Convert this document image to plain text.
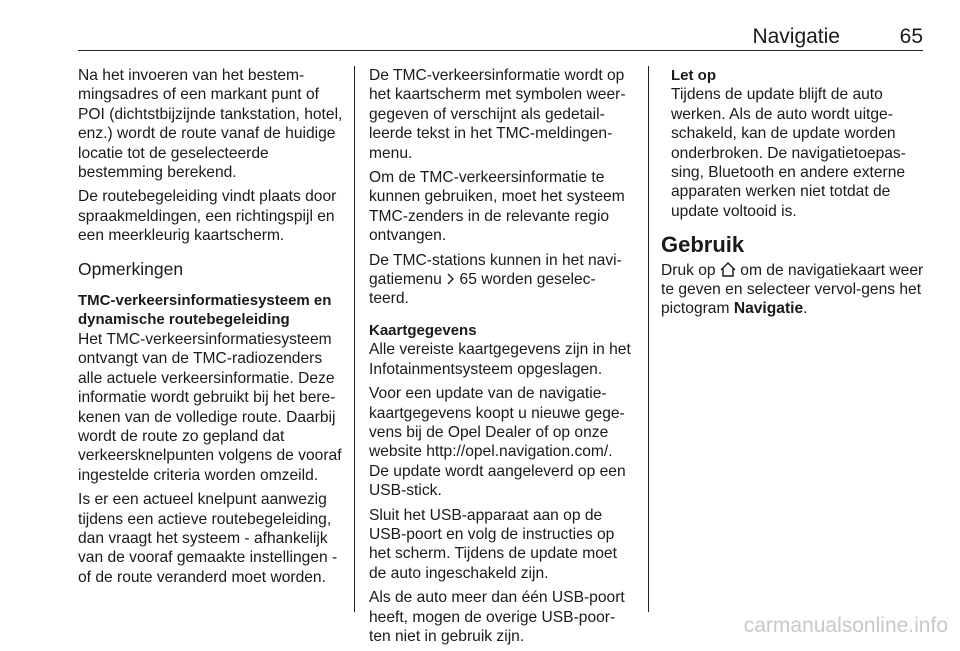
Navigatie	65

Na het invoeren van het bestem-mingsadres of een markant punt of POI (dichtstbijzijnde tankstation, hotel, enz.) wordt de route vanaf de huidige locatie tot de geselecteerde bestemming berekend.

De routebegeleiding vindt plaats door spraakmeldingen, een richtingspijl en een meerkleurig kaartscherm.

Opmerkingen
TMC-verkeersinformatiesysteem en dynamische routebegeleiding

Het TMC-verkeersinformatiesysteem ontvangt van de TMC-radiozenders alle actuele verkeersinformatie. Deze informatie wordt gebruikt bij het bere-kenen van de volledige route. Daarbij wordt de route zo gepland dat verkeersknelpunten volgens de vooraf ingestelde criteria worden omzeild.

Is er een actueel knelpunt aanwezig tijdens een actieve routebegeleiding, dan vraagt het systeem - afhankelijk van de vooraf gemaakte instellingen - of de route veranderd moet worden.

De TMC-verkeersinformatie wordt op het kaartscherm met symbolen weer-gegeven of verschijnt als gedetail-leerde tekst in het TMC-meldingen-menu.

Om de TMC-verkeersinformatie te kunnen gebruiken, moet het systeem TMC-zenders in de relevante regio ontvangen.

De TMC-stations kunnen in het navi-gatiemenu 65 worden geselec-teerd.

Kaartgegevens

Alle vereiste kaartgegevens zijn in het Infotainmentsysteem opgeslagen.

Voor een update van de navigatie-kaartgegevens koopt u nieuwe gege-vens bij de Opel Dealer of op onze website http://opel.navigation.com/. De update wordt aangeleverd op een USB-stick.

Sluit het USB-apparaat aan op de USB-poort en volg de instructies op het scherm. Tijdens de update moet de auto ingeschakeld zijn.

Als de auto meer dan één USB-poort heeft, mogen de overige USB-poor-ten niet in gebruik zijn.

Let op

Tijdens de update blijft de auto werken. Als de auto wordt uitge-schakeld, kan de update worden onderbroken. De navigatietoepas-sing, Bluetooth en andere externe apparaten werken niet totdat de update voltooid is.

Gebruik

Druk op om de navigatiekaart weer te geven en selecteer vervol-gens het pictogram Navigatie.

carmanualsonline.info
